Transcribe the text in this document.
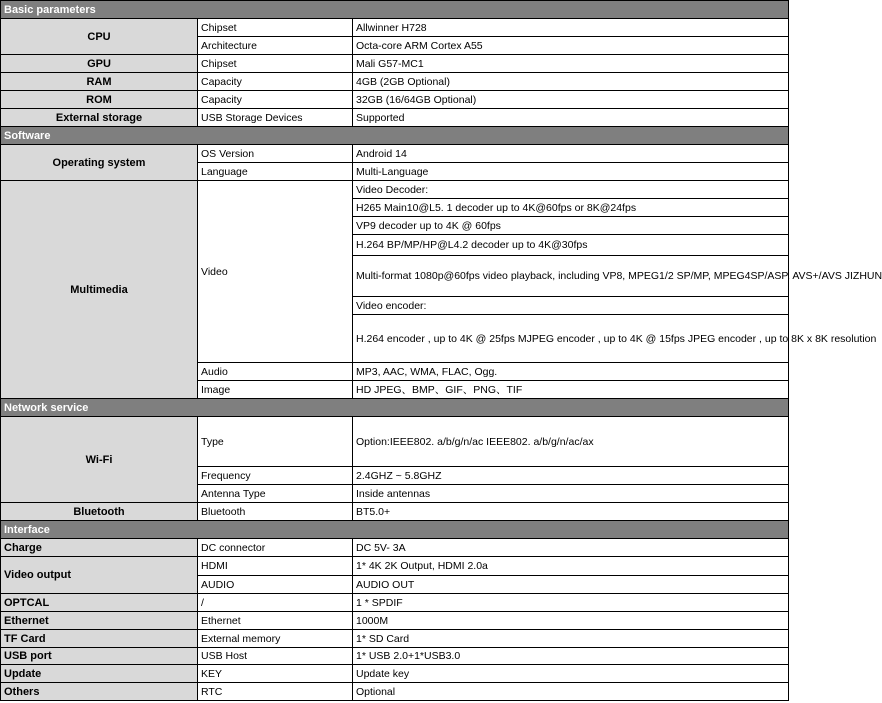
Basic parameters		
CPU	Chipset	Allwinner H728
	Architecture	Octa-core ARM Cortex A55
GPU	Chipset	Mali G57-MC1
RAM	Capacity	4GB (2GB Optional)
ROM	Capacity	32GB (16/64GB Optional)
External storage	USB Storage Devices	Supported
Software		
Operating system	OS Version	Android 14
	Language	Multi-Language
Multimedia	Video	Video Decoder:
		H265 Main10@L5. 1 decoder up to 4K@60fps or 8K@24fps
		VP9 decoder up to 4K @ 60fps
		H.264 BP/MP/HP@L4.2 decoder up to 4K@30fps
		Multi-format 1080p@60fps video playback, including VP8, MPEG1/2 SP/MP, MPEG4SP/ASP, AVS+/AVS JIZHUN
		Video encoder:
		H.264 encoder , up to 4K @ 25fps MJPEG encoder , up to 4K @ 15fps JPEG encoder , up to 8K x 8K resolution
	Audio	MP3, AAC, WMA, FLAC, Ogg.
	Image	HD JPEG、BMP、GIF、PNG、TIF
Network service		
Wi-Fi	Type	Option:IEEE802. a/b/g/n/ac IEEE802. a/b/g/n/ac/ax
	Frequency	2.4GHZ ~ 5.8GHZ
	Antenna Type	Inside antennas
Bluetooth	Bluetooth	BT5.0+
Interface		
Charge	DC connector	DC 5V- 3A
Video output	HDMI	1* 4K 2K Output, HDMI 2.0a
	AUDIO	AUDIO OUT
OPTCAL	/	1 * SPDIF
Ethernet	Ethernet	1000M
TF Card	External memory	1* SD Card
USB port	USB Host	1* USB 2.0+1*USB3.0
Update	KEY	Update key
Others	RTC	Optional
